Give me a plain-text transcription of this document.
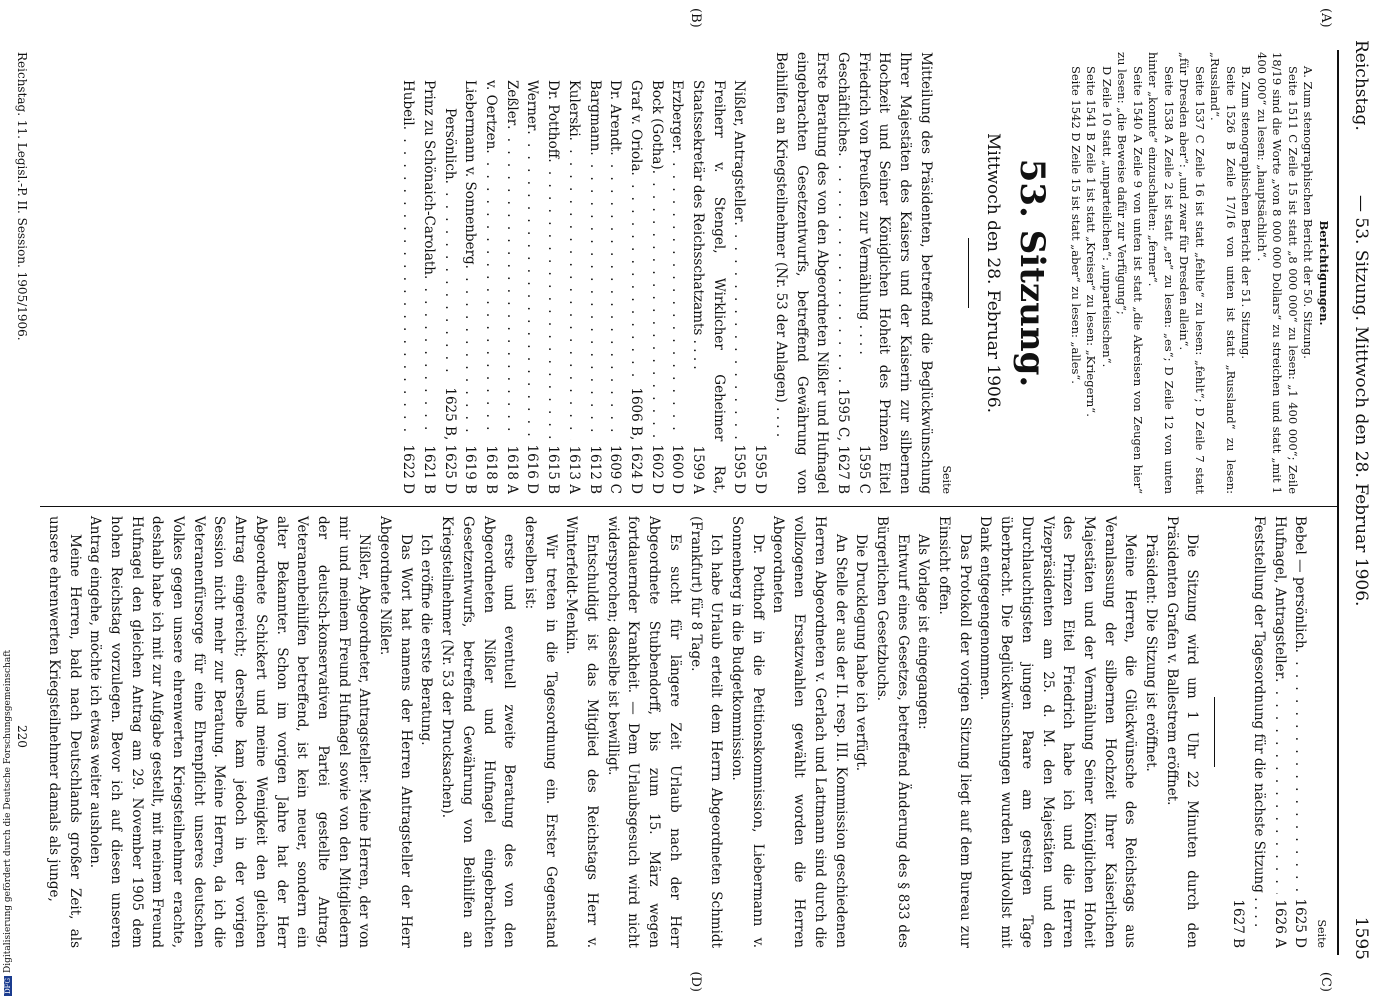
Reichstag.
— 53. Sitzung. Mittwoch den 28. Februar 1906.
1595
(A)
(B)
(C)
(D)
Berichtigungen.
A. Zum stenographischen Bericht der 50. Sitzung.
Seite 1511 C Zeile 15 ist statt „8 000 000“ zu lesen: „1 400 000“; Zeile 18/19 sind die Worte „von 8 000 000 Dollars“ zu streichen und statt „mit 1 400 000“ zu lesen: „hauptsächlich“.
B. Zum stenographischen Bericht der 51. Sitzung.
Seite 1526 B Zeile 17/16 von unten ist statt „Russland“ zu lesen: „Russland“.
Seite 1537 C Zeile 16 ist statt „fehlte“ zu lesen: „fehlt“; D Zeile 7 statt „für Dresden aber“: „und zwar für Dresden allein“.
Seite 1538 A Zeile 2 ist statt „er“ zu lesen: „es“; D Zeile 12 von unten hinter „konnte“ einzuschalten: „ferner“.
Seite 1540 A Zeile 9 von unten ist statt „die Akreisen von Zeugen hier“ zu lesen: „die Beweise dafür zur Verfügung“;
D Zeile 10 statt „unparteilichen“: „unparteiischen“.
Seite 1541 B Zeile 1 ist statt „Kreiser“ zu lesen: „Kriegern“.
Seite 1542 D Zeile 15 ist statt „aber“ zu lesen: „alles“.
53. Sitzung.
Mittwoch den 28. Februar 1906.
Seite
Mitteilung des Präsidenten, betreffend die Beglückwünschung Ihrer Majestäten des Kaisers und der Kaiserin zur silbernen Hochzeit und Seiner Königlichen Hoheit des Prinzen Eitel Friedrich von Preußen zur Vermählung . . . .
1595 C
Geschäftliches
. . .
1595 C, 1627 B
Erste Beratung des von den Abgeordneten Nißler und Hufnagel eingebrachten Gesetzentwurfs, betreffend Gewährung von Beihilfen an Kriegsteilnehmer (Nr. 53 der Anlagen) . . . .
1595 D
Nißler, Antragsteller
. . .
1595 D
Freiherr v. Stengel, Wirklicher Geheimer Rat, Staatssekretär des Reichsschatzamts . . . .
1599 A
Erzberger
. . .
1600 D
Bock (Gotha)
. . .
1602 D
Graf v. Oriola
. . .
1606 B, 1624 D
Dr. Arendt
. . .
1609 C
Bargmann
. . .
1612 B
Kulerski
. . .
1613 A
Dr. Potthoff
. . .
1615 B
Werner
. . .
1616 D
Zeßler
. . .
1618 A
v. Oertzen
. . .
1618 B
Liebermann v. Sonnenberg
. . .
1619 B
Persönlich
. . .
1625 B, 1625 D
Prinz zu Schönaich-Carolath
. . .
1621 B
Hubeil
. . .
1622 D
Seite
Bebel — persönlich
. . .
1625 D
Hufnagel, Antragsteller
. . .
1626 A
Feststellung der Tagesordnung für die nächste Sitzung . . . .
1627 B

Die Sitzung wird um 1 Uhr 22 Minuten durch den Präsidenten Grafen v. Ballestrem eröffnet.

Präsident: Die Sitzung ist eröffnet.

Meine Herren, die Glückwünsche des Reichstags aus Veranlassung der silbernen Hochzeit Ihrer Kaiserlichen Majestäten und der Vermählung Seiner Königlichen Hoheit des Prinzen Eitel Friedrich habe ich und die Herren Vizepräsidenten am 25. d. M. den Majestäten und den Durchlauchtigsten jungen Paare am gestrigen Tage überbracht. Die Beglückwünschungen wurden huldvollst mit Dank entgegengenommen.

Das Protokoll der vorigen Sitzung liegt auf dem Bureau zur Einsicht offen.

Als Vorlage ist eingegangen:

Entwurf eines Gesetzes, betreffend Änderung des § 833 des Bürgerlichen Gesetzbuchs.

Die Drucklegung habe ich verfügt.

An Stelle der aus der II. resp. III. Kommission geschiedenen Herren Abgeordneten v. Gerlach und Lattmann sind durch die vollzogenen Ersatzwahlen gewählt worden die Herren Abgeordneten

Dr. Potthoff in die Petitionskommission, Liebermann v. Sonnenberg in die Budgetkommission.

Ich habe Urlaub erteilt dem Herrn Abgeordneten Schmidt (Frankfurt) für 8 Tage.

Es sucht für längere Zeit Urlaub nach der Herr Abgeordnete Stubbendorff, bis zum 15. März wegen fortdauernder Krankheit. — Dem Urlaubsgesuch wird nicht widersprochen; dasselbe ist bewilligt.

Entschuldigt ist das Mitglied des Reichstags Herr v. Winterfeldt-Menkin.

Wir treten in die Tagesordnung ein. Erster Gegenstand derselben ist:

erste und eventuell zweite Beratung des von den Abgeordneten Nißler und Hufnagel eingebrachten Gesetzentwurfs, betreffend Gewährung von Beihilfen an Kriegsteilnehmer (Nr. 53 der Drucksachen).

Ich eröffne die erste Beratung.

Das Wort hat namens der Herren Antragsteller der Herr Abgeordnete Nißler.

Nißler, Abgeordneter, Antragsteller: Meine Herren, der von mir und meinem Freund Hufnagel sowie von den Mitgliedern der deutsch-konservativen Partei gestellte Antrag, Veteranenbeihilfen betreffend, ist kein neuer, sondern ein alter Bekannter. Schon im vorigen Jahre hat der Herr Abgeordnete Schickert und meine Wenigkeit den gleichen Antrag eingereicht; derselbe kam jedoch in der vorigen Session nicht mehr zur Beratung. Meine Herren, da ich die Veteranenfürsorge für eine Ehrenpflicht unseres deutschen Volkes gegen unsere ehrenwerten Kriegsteilnehmer erachte, deshalb habe ich mit zur Aufgabe gestellt, mit meinem Freund Hufnagel den gleichen Antrag am 29. November 1905 dem hohen Reichstag vorzulegen. Bevor ich auf diesen unseren Antrag eingehe, möchte ich etwas weiter ausholen.

Meine Herren, bald nach Deutschlands großer Zeit, als unsere ehrenwerten Kriegsteilnehmer damals als junge,

Reichstag. 11. Legisl.-P. II. Session. 1905/1906.
220
DFGDigitalisierung gefördert durch die Deutsche Forschungsgemeinschaft
